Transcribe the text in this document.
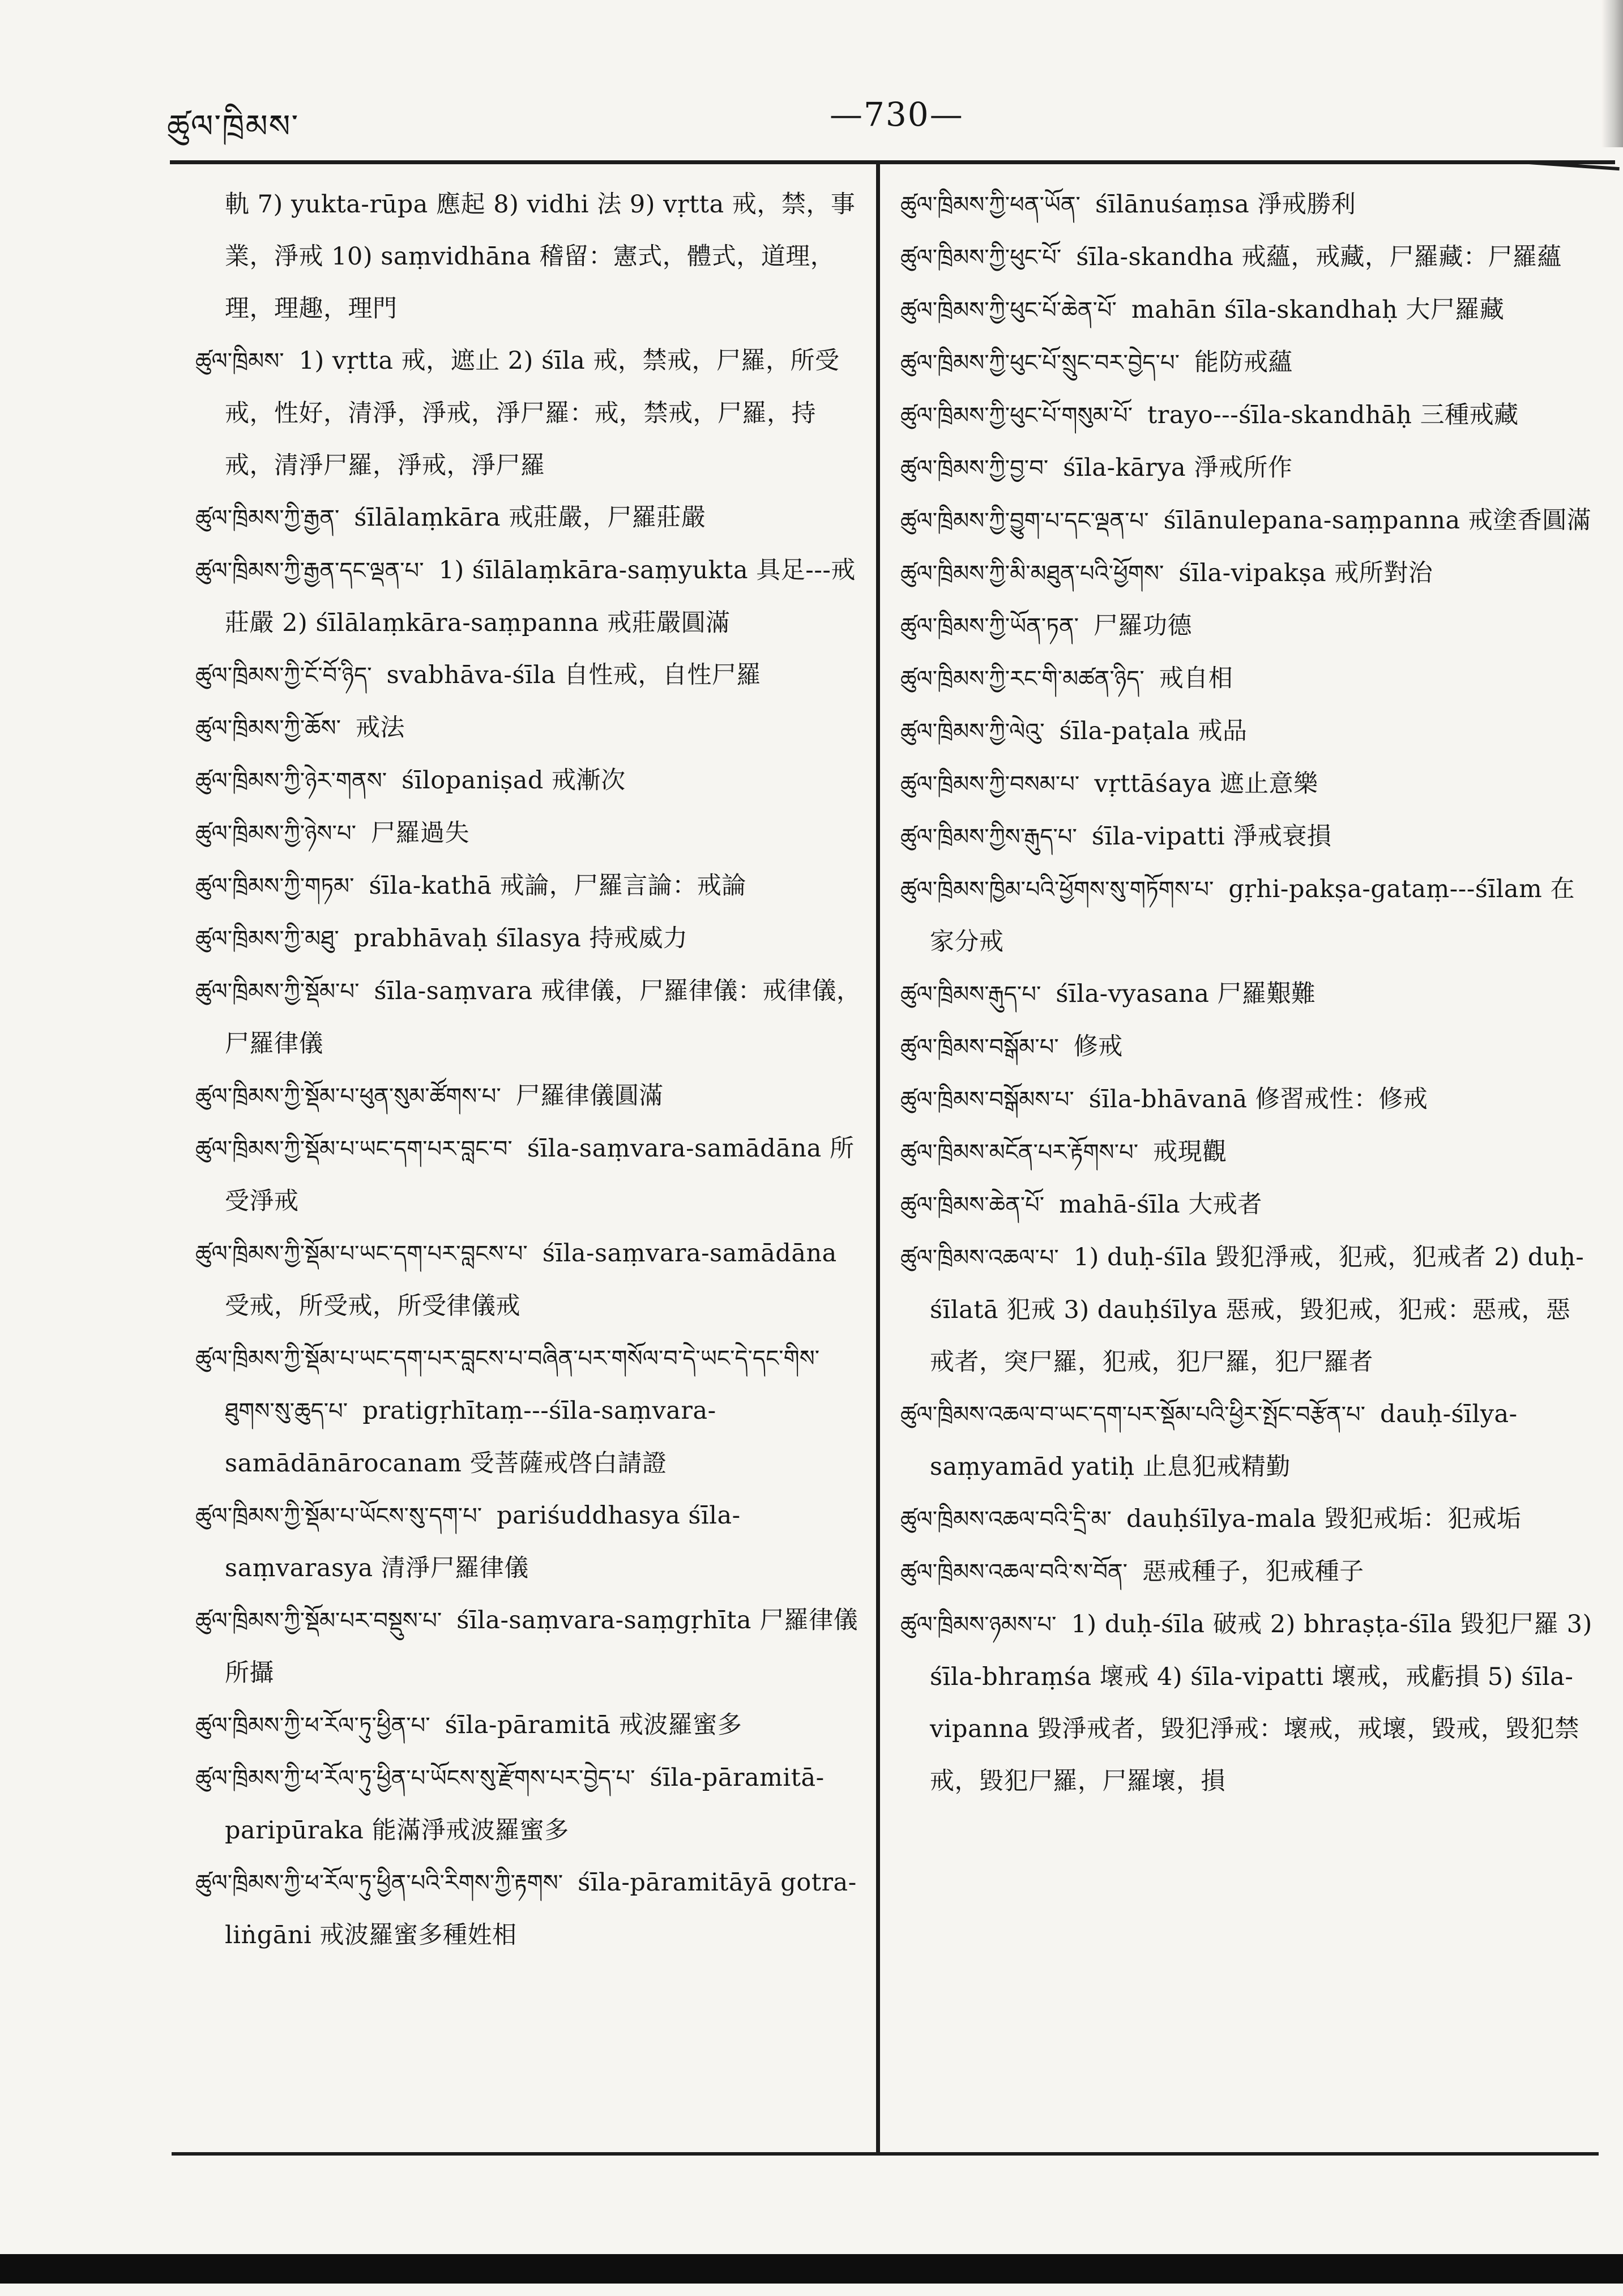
ཚུལ་ཁྲིམས་	—730—

軌 7) yukta-rūpa 應起 8) vidhi 法 9) vṛtta 戒，禁，事業，淨戒 10) saṃvidhāna 稽留：憲式，體式，道理，理，理趣，理門

ཚུལ་ཁྲིམས་ 1) vṛtta 戒，遮止 2) śīla 戒，禁戒，尸羅，所受戒，性好，清淨，淨戒，淨尸羅：戒，禁戒，尸羅，持戒，清淨尸羅，淨戒，淨尸羅

ཚུལ་ཁྲིམས་ཀྱི་རྒྱན་ śīlālaṃkāra 戒莊嚴，尸羅莊嚴

ཚུལ་ཁྲིམས་ཀྱི་རྒྱན་དང་ལྡན་པ་ 1) śīlālaṃkāra-saṃyukta 具足---戒莊嚴 2) śīlālaṃkāra-saṃpanna 戒莊嚴圓滿

ཚུལ་ཁྲིམས་ཀྱི་ངོ་བོ་ཉིད་ svabhāva-śīla 自性戒，自性尸羅

ཚུལ་ཁྲིམས་ཀྱི་ཆོས་ 戒法

ཚུལ་ཁྲིམས་ཀྱི་ཉེར་གནས་ śīlopaniṣad 戒漸次

ཚུལ་ཁྲིམས་ཀྱི་ཉེས་པ་ 尸羅過失

ཚུལ་ཁྲིམས་ཀྱི་གཏམ་ śīla-kathā 戒論，尸羅言論：戒論

ཚུལ་ཁྲིམས་ཀྱི་མཐུ་ prabhāvaḥ śīlasya 持戒威力

ཚུལ་ཁྲིམས་ཀྱི་སྡོམ་པ་ śīla-saṃvara 戒律儀，尸羅律儀：戒律儀，尸羅律儀

ཚུལ་ཁྲིམས་ཀྱི་སྡོམ་པ་ཕུན་སུམ་ཚོགས་པ་ 尸羅律儀圓滿

ཚུལ་ཁྲིམས་ཀྱི་སྡོམ་པ་ཡང་དག་པར་བླང་བ་ śīla-saṃvara-samādāna 所受淨戒

ཚུལ་ཁྲིམས་ཀྱི་སྡོམ་པ་ཡང་དག་པར་བླངས་པ་ śīla-saṃvara-samādāna 受戒，所受戒，所受律儀戒

ཚུལ་ཁྲིམས་ཀྱི་སྡོམ་པ་ཡང་དག་པར་བླངས་པ་བཞིན་པར་གསོལ་བ་དེ་ཡང་དེ་དང་གིས་ཐུགས་སུ་ཆུད་པ་ pratigṛhītaṃ---śīla-saṃvara-samādānārocanam 受菩薩戒啓白請證

ཚུལ་ཁྲིམས་ཀྱི་སྡོམ་པ་ཡོངས་སུ་དག་པ་ pariśuddhasya śīla-saṃvarasya 清淨尸羅律儀

ཚུལ་ཁྲིམས་ཀྱི་སྡོམ་པར་བསྡུས་པ་ śīla-saṃvara-saṃgṛhīta 尸羅律儀所攝

ཚུལ་ཁྲིམས་ཀྱི་ཕ་རོལ་ཏུ་ཕྱིན་པ་ śīla-pāramitā 戒波羅蜜多

ཚུལ་ཁྲིམས་ཀྱི་ཕ་རོལ་ཏུ་ཕྱིན་པ་ཡོངས་སུ་རྫོགས་པར་བྱེད་པ་ śīla-pāramitā-paripūraka 能滿淨戒波羅蜜多

ཚུལ་ཁྲིམས་ཀྱི་ཕ་རོལ་ཏུ་ཕྱིན་པའི་རིགས་ཀྱི་རྟགས་ śīla-pāramitāyā gotra-liṅgāni 戒波羅蜜多種姓相

ཚུལ་ཁྲིམས་ཀྱི་ཕན་ཡོན་ śīlānuśaṃsa 淨戒勝利

ཚུལ་ཁྲིམས་ཀྱི་ཕུང་པོ་ śīla-skandha 戒蘊，戒藏，尸羅藏：尸羅蘊

ཚུལ་ཁྲིམས་ཀྱི་ཕུང་པོ་ཆེན་པོ་ mahān śīla-skandhaḥ 大尸羅藏

ཚུལ་ཁྲིམས་ཀྱི་ཕུང་པོ་སྲུང་བར་བྱེད་པ་ 能防戒蘊

ཚུལ་ཁྲིམས་ཀྱི་ཕུང་པོ་གསུམ་པོ་ trayo---śīla-skandhāḥ 三種戒藏

ཚུལ་ཁྲིམས་ཀྱི་བྱ་བ་ śīla-kārya 淨戒所作

ཚུལ་ཁྲིམས་ཀྱི་བྱུག་པ་དང་ལྡན་པ་ śīlānulepana-saṃpanna 戒塗香圓滿

ཚུལ་ཁྲིམས་ཀྱི་མི་མཐུན་པའི་ཕྱོགས་ śīla-vipakṣa 戒所對治

ཚུལ་ཁྲིམས་ཀྱི་ཡོན་ཏན་ 尸羅功德

ཚུལ་ཁྲིམས་ཀྱི་རང་གི་མཚན་ཉིད་ 戒自相

ཚུལ་ཁྲིམས་ཀྱི་ལེའུ་ śīla-paṭala 戒品

ཚུལ་ཁྲིམས་ཀྱི་བསམ་པ་ vṛttāśaya 遮止意樂

ཚུལ་ཁྲིམས་ཀྱིས་རྒུད་པ་ śīla-vipatti 淨戒衰損

ཚུལ་ཁྲིམས་ཁྱིམ་པའི་ཕྱོགས་སུ་གཏོགས་པ་ gṛhi-pakṣa-gataṃ---śīlam 在家分戒

ཚུལ་ཁྲིམས་རྒུད་པ་ śīla-vyasana 尸羅艱難

ཚུལ་ཁྲིམས་བསྒོམ་པ་ 修戒

ཚུལ་ཁྲིམས་བསྒོམས་པ་ śīla-bhāvanā 修習戒性：修戒

ཚུལ་ཁྲིམས་མངོན་པར་རྟོགས་པ་ 戒現觀

ཚུལ་ཁྲིམས་ཆེན་པོ་ mahā-śīla 大戒者

ཚུལ་ཁྲིམས་འཆལ་པ་ 1) duḥ-śīla 毀犯淨戒，犯戒，犯戒者 2) duḥ-śīlatā 犯戒 3) dauḥśīlya 惡戒，毀犯戒，犯戒：惡戒，惡戒者，突尸羅，犯戒，犯尸羅，犯尸羅者

ཚུལ་ཁྲིམས་འཆལ་བ་ཡང་དག་པར་སྡོམ་པའི་ཕྱིར་སྤོང་བརྩོན་པ་ dauḥ-śīlya-saṃyamād yatiḥ 止息犯戒精勤

ཚུལ་ཁྲིམས་འཆལ་བའི་དྲི་མ་ dauḥśīlya-mala 毀犯戒垢：犯戒垢

ཚུལ་ཁྲིམས་འཆལ་བའི་ས་བོན་ 惡戒種子，犯戒種子

ཚུལ་ཁྲིམས་ཉམས་པ་ 1) duḥ-śīla 破戒 2) bhraṣṭa-śīla 毀犯尸羅 3) śīla-bhraṃśa 壞戒 4) śīla-vipatti 壞戒，戒虧損 5) śīla-vipanna 毀淨戒者，毀犯淨戒：壞戒，戒壞，毀戒，毀犯禁戒，毀犯尸羅，尸羅壞，損
